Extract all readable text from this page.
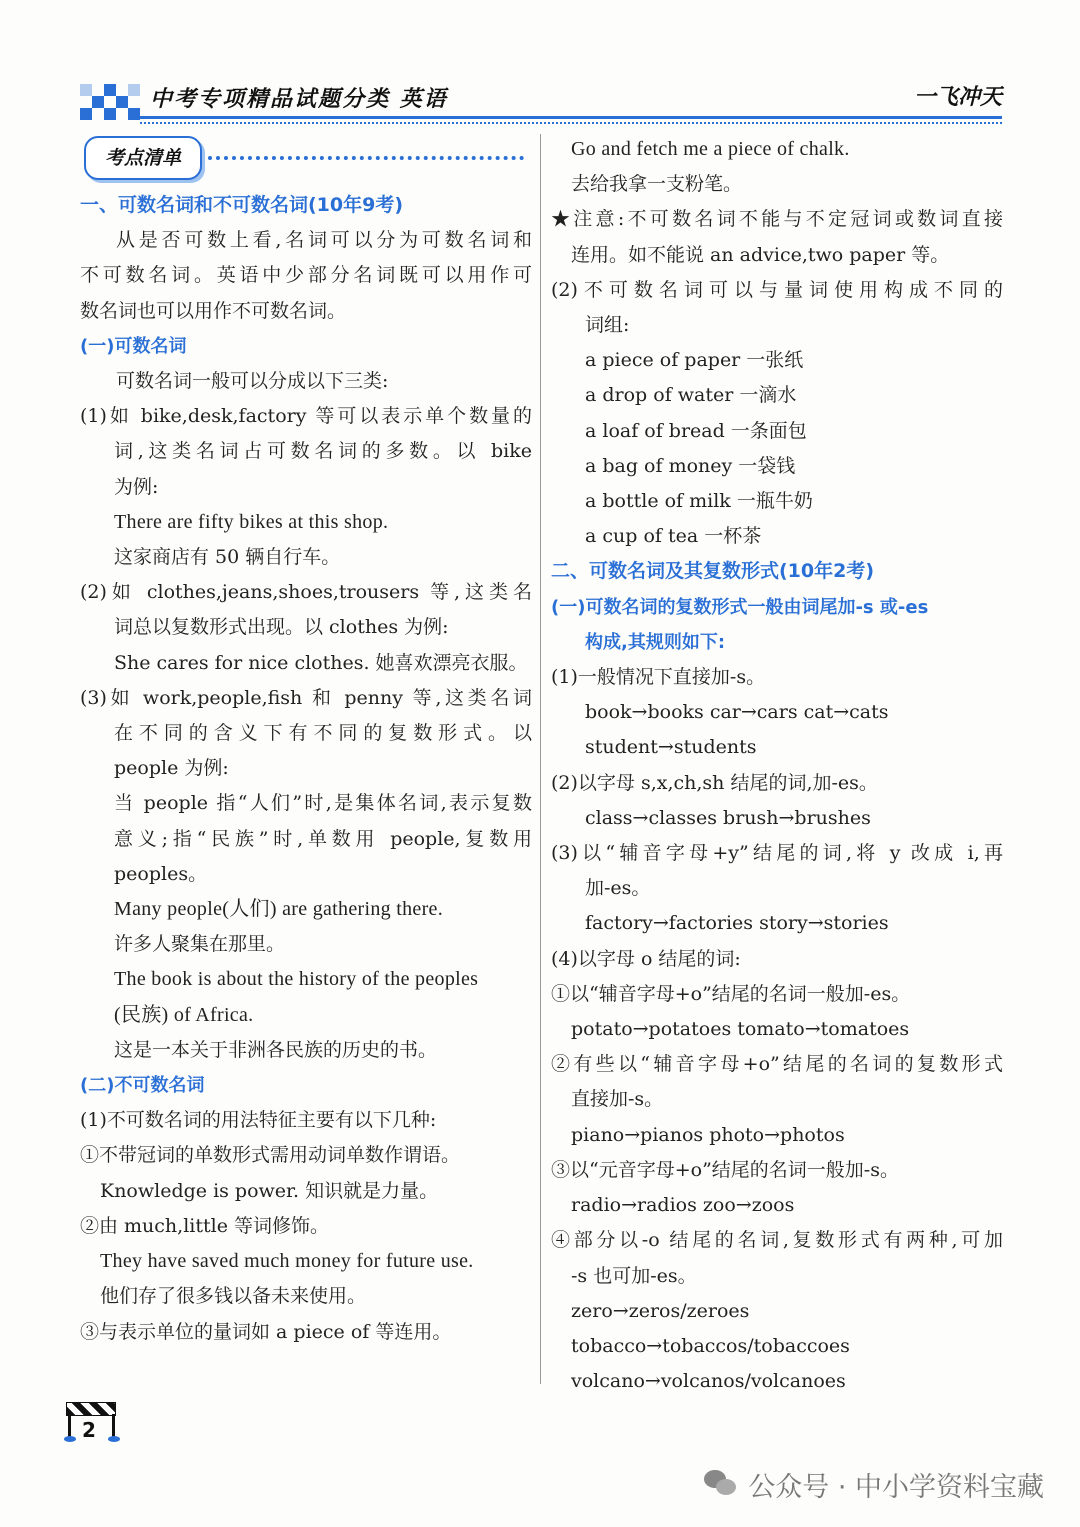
中考专项精品试题分类 英语	一飞冲天
考点清单
一、可数名词和不可数名词(10年9考)
从是否可数上看,名词可以分为可数名词和
不可数名词。英语中少部分名词既可以用作可
数名词也可以用作不可数名词。
(一)可数名词
可数名词一般可以分成以下三类:
(1)如 bike,desk,factory 等可以表示单个数量的
词,这类名词占可数名词的多数。以 bike
为例:
There are fifty bikes at this shop.
这家商店有 50 辆自行车。
(2)如 clothes,jeans,shoes,trousers 等,这类名
词总以复数形式出现。以 clothes 为例:
She cares for nice clothes. 她喜欢漂亮衣服。
(3)如 work,people,fish 和 penny 等,这类名词
在不同的含义下有不同的复数形式。以
people 为例:
当 people 指“人们”时,是集体名词,表示复数
意义;指“民族”时,单数用 people,复数用
peoples。
Many people(人们) are gathering there.
许多人聚集在那里。
The book is about the history of the peoples
(民族) of Africa.
这是一本关于非洲各民族的历史的书。
(二)不可数名词
(1)不可数名词的用法特征主要有以下几种:
①不带冠词的单数形式需用动词单数作谓语。
Knowledge is power. 知识就是力量。
②由 much,little 等词修饰。
They have saved much money for future use.
他们存了很多钱以备未来使用。
③与表示单位的量词如 a piece of 等连用。
Go and fetch me a piece of chalk.
去给我拿一支粉笔。
★注意:不可数名词不能与不定冠词或数词直接
连用。如不能说 an advice,two paper 等。
(2)不可数名词可以与量词使用构成不同的
词组:
a piece of paper 一张纸
a drop of water 一滴水
a loaf of bread 一条面包
a bag of money 一袋钱
a bottle of milk 一瓶牛奶
a cup of tea 一杯茶
二、可数名词及其复数形式(10年2考)
(一)可数名词的复数形式一般由词尾加-s 或-es
构成,其规则如下:
(1)一般情况下直接加-s。
book→books car→cars cat→cats
student→students
(2)以字母 s,x,ch,sh 结尾的词,加-es。
class→classes brush→brushes
(3)以“辅音字母+y”结尾的词,将 y 改成 i,再
加-es。
factory→factories story→stories
(4)以字母 o 结尾的词:
①以“辅音字母+o”结尾的名词一般加-es。
potato→potatoes tomato→tomatoes
②有些以“辅音字母+o”结尾的名词的复数形式
直接加-s。
piano→pianos photo→photos
③以“元音字母+o”结尾的名词一般加-s。
radio→radios zoo→zoos
④部分以-o 结尾的名词,复数形式有两种,可加
-s 也可加-es。
zero→zeros/zeroes
tobacco→tobaccos/tobaccoes
volcano→volcanos/volcanoes
2
公众号 · 中小学资料宝藏
